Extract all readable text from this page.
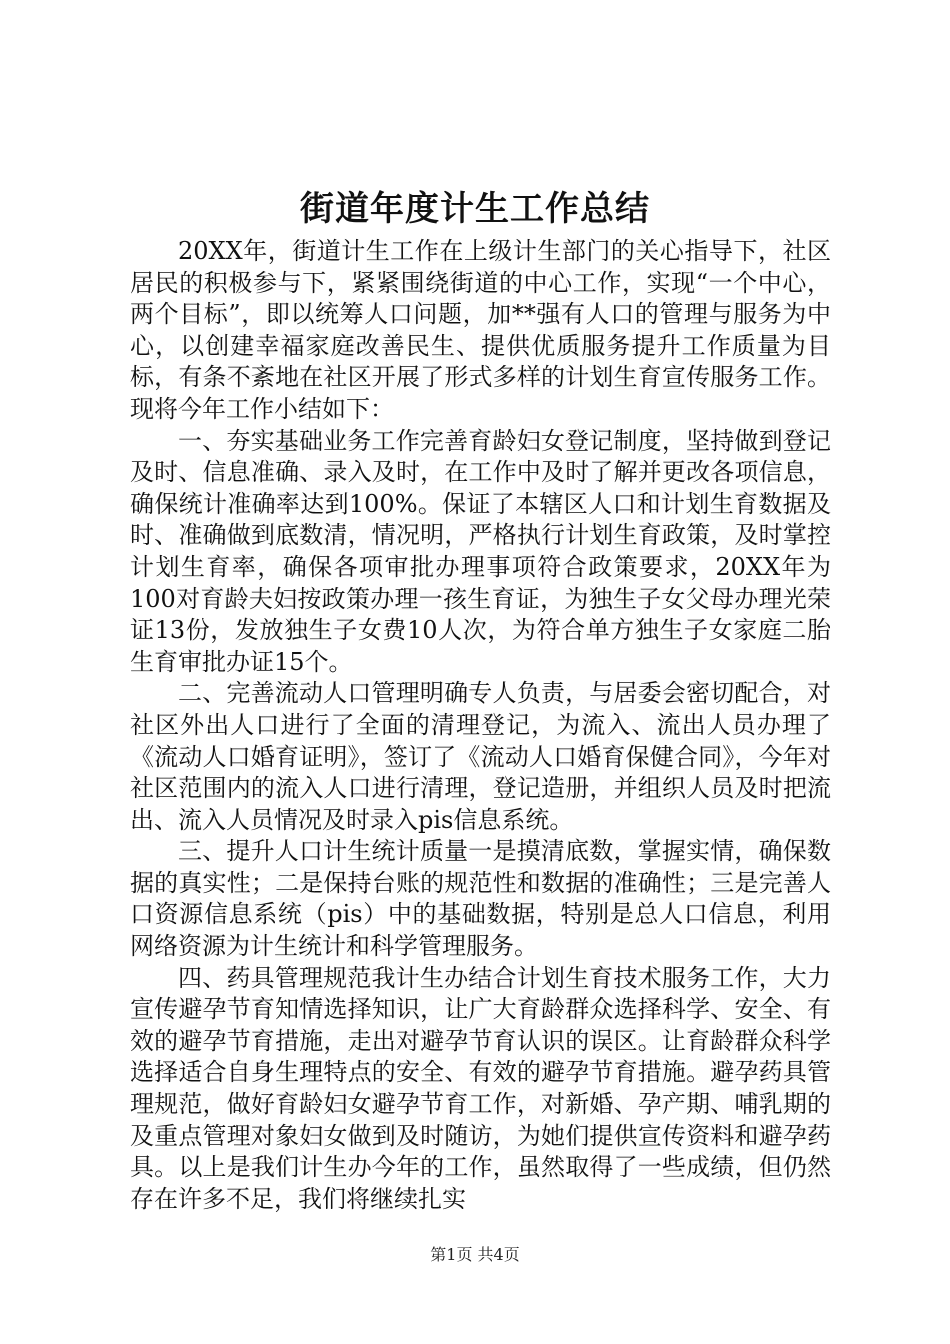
街道年度计生工作总结

20XX年，街道计生工作在上级计生部门的关心指导下，社区居民的积极参与下，紧紧围绕街道的中心工作，实现“一个中心，两个目标”，即以统筹人口问题，加**强有人口的管理与服务为中心，以创建幸福家庭改善民生、提供优质服务提升工作质量为目标，有条不紊地在社区开展了形式多样的计划生育宣传服务工作。现将今年工作小结如下：

一、夯实基础业务工作完善育龄妇女登记制度，坚持做到登记及时、信息准确、录入及时，在工作中及时了解并更改各项信息，确保统计准确率达到100%。保证了本辖区人口和计划生育数据及时、准确做到底数清，情况明，严格执行计划生育政策，及时掌控计划生育率，确保各项审批办理事项符合政策要求，20XX年为100对育龄夫妇按政策办理一孩生育证，为独生子女父母办理光荣证13份，发放独生子女费10人次，为符合单方独生子女家庭二胎生育审批办证15个。

二、完善流动人口管理明确专人负责，与居委会密切配合，对社区外出人口进行了全面的清理登记，为流入、流出人员办理了《流动人口婚育证明》，签订了《流动人口婚育保健合同》，今年对社区范围内的流入人口进行清理，登记造册，并组织人员及时把流出、流入人员情况及时录入pis信息系统。

三、提升人口计生统计质量一是摸清底数，掌握实情，确保数据的真实性；二是保持台账的规范性和数据的准确性；三是完善人口资源信息系统（pis）中的基础数据，特别是总人口信息，利用网络资源为计生统计和科学管理服务。

四、药具管理规范我计生办结合计划生育技术服务工作，大力宣传避孕节育知情选择知识，让广大育龄群众选择科学、安全、有效的避孕节育措施，走出对避孕节育认识的误区。让育龄群众科学选择适合自身生理特点的安全、有效的避孕节育措施。避孕药具管理规范，做好育龄妇女避孕节育工作，对新婚、孕产期、哺乳期的及重点管理对象妇女做到及时随访，为她们提供宣传资料和避孕药具。以上是我们计生办今年的工作，虽然取得了一些成绩，但仍然存在许多不足，我们将继续扎实

第1页 共4页
